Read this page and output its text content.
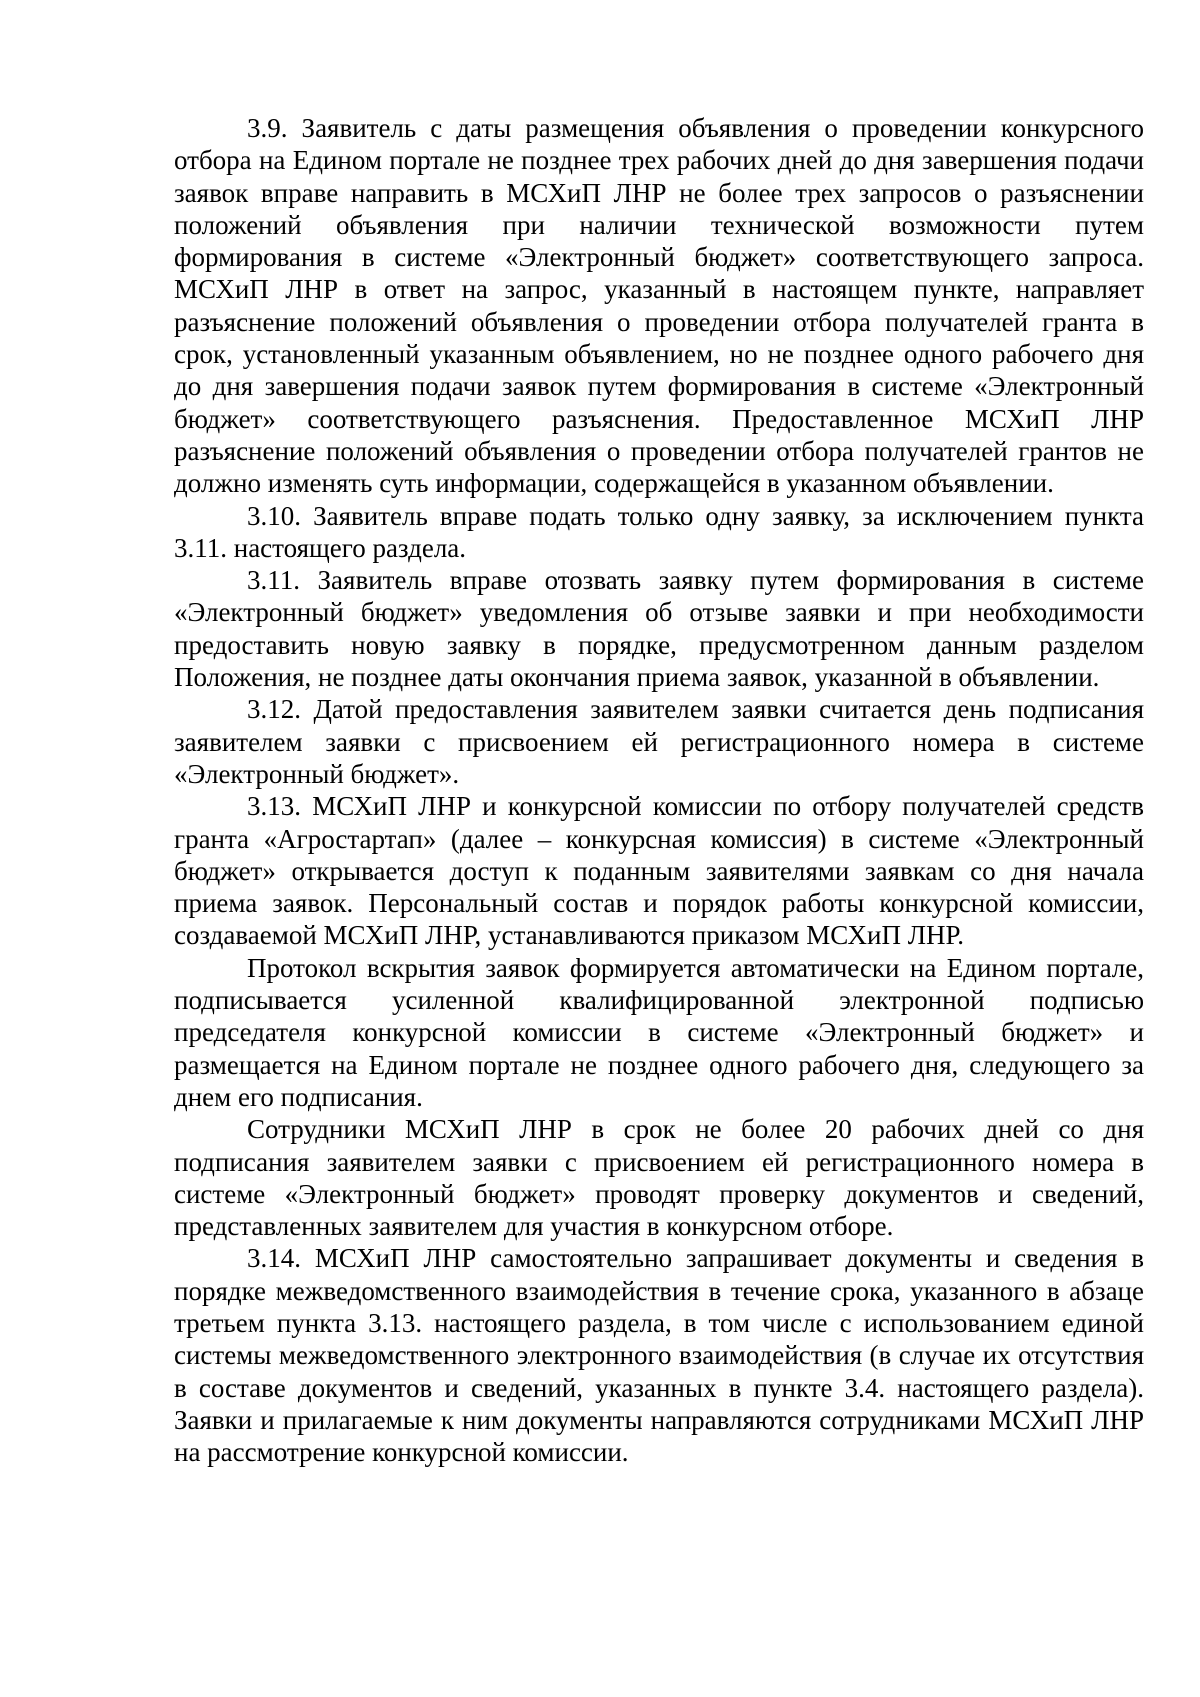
3.9. Заявитель с даты размещения объявления о проведении конкурсного отбора на Едином портале не позднее трех рабочих дней до дня завершения подачи заявок вправе направить в МСХиП ЛНР не более трех запросов о разъяснении положений объявления при наличии технической возможности путем формирования в системе «Электронный бюджет» соответствующего запроса. МСХиП ЛНР в ответ на запрос, указанный в настоящем пункте, направляет разъяснение положений объявления о проведении отбора получателей гранта в срок, установленный указанным объявлением, но не позднее одного рабочего дня до дня завершения подачи заявок путем формирования в системе «Электронный бюджет» соответствующего разъяснения. Предоставленное МСХиП ЛНР разъяснение положений объявления о проведении отбора получателей грантов не должно изменять суть информации, содержащейся в указанном объявлении.

3.10. Заявитель вправе подать только одну заявку, за исключением пункта 3.11. настоящего раздела.

3.11. Заявитель вправе отозвать заявку путем формирования в системе «Электронный бюджет» уведомления об отзыве заявки и при необходимости предоставить новую заявку в порядке, предусмотренном данным разделом Положения, не позднее даты окончания приема заявок, указанной в объявлении.

3.12. Датой предоставления заявителем заявки считается день подписания заявителем заявки с присвоением ей регистрационного номера в системе «Электронный бюджет».

3.13. МСХиП ЛНР и конкурсной комиссии по отбору получателей средств гранта «Агростартап» (далее – конкурсная комиссия) в системе «Электронный бюджет» открывается доступ к поданным заявителями заявкам со дня начала приема заявок. Персональный состав и порядок работы конкурсной комиссии, создаваемой МСХиП ЛНР, устанавливаются приказом МСХиП ЛНР.

Протокол вскрытия заявок формируется автоматически на Едином портале, подписывается усиленной квалифицированной электронной подписью председателя конкурсной комиссии в системе «Электронный бюджет» и размещается на Едином портале не позднее одного рабочего дня, следующего за днем его подписания.

Сотрудники МСХиП ЛНР в срок не более 20 рабочих дней со дня подписания заявителем заявки с присвоением ей регистрационного номера в системе «Электронный бюджет» проводят проверку документов и сведений, представленных заявителем для участия в конкурсном отборе.

3.14. МСХиП ЛНР самостоятельно запрашивает документы и сведения в порядке межведомственного взаимодействия в течение срока, указанного в абзаце третьем пункта 3.13. настоящего раздела, в том числе с использованием единой системы межведомственного электронного взаимодействия (в случае их отсутствия в составе документов и сведений, указанных в пункте 3.4. настоящего раздела). Заявки и прилагаемые к ним документы направляются сотрудниками МСХиП ЛНР на рассмотрение конкурсной комиссии.
